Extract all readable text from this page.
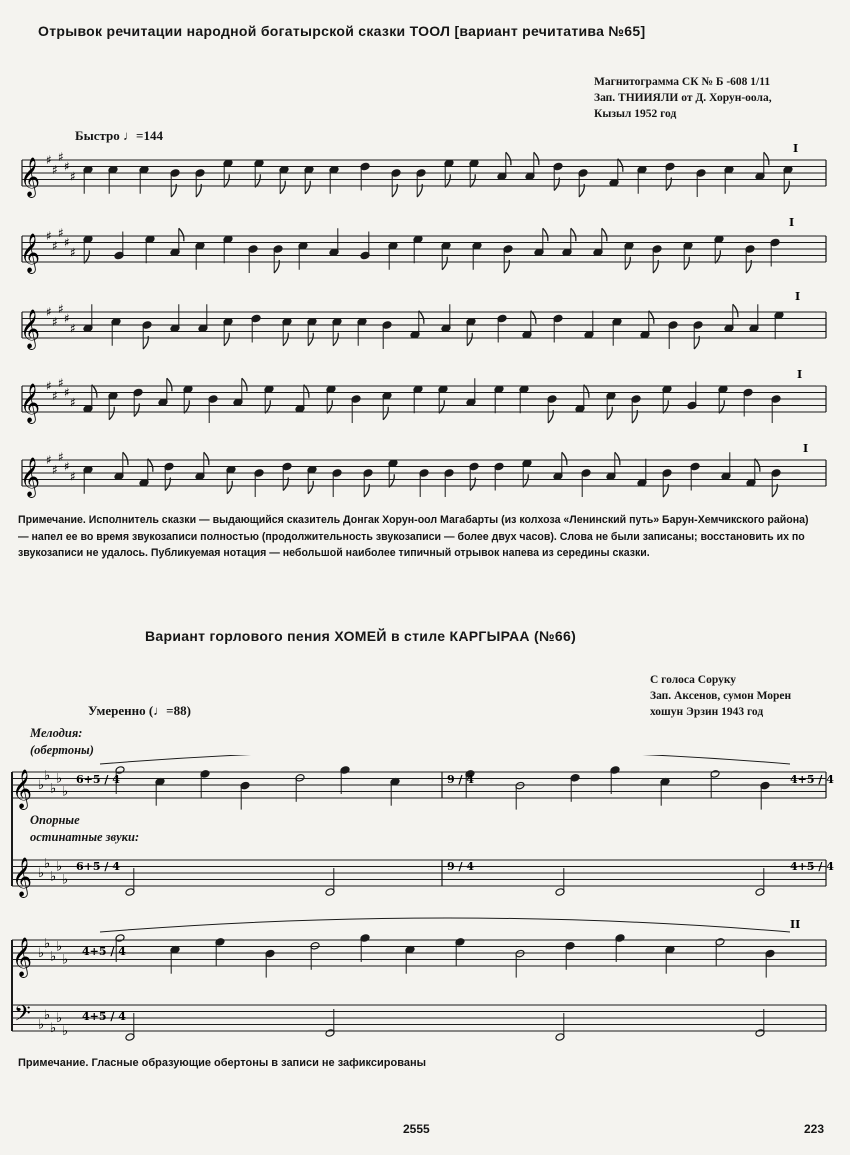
Отрывок речитации народной богатырской сказки ТООЛ [вариант речитатива №65]
Магнитограмма СК № Б -608 1/11
Зап. ТНИИЯЛИ от Д. Хорун-оола,
Кызыл 1952 год
Быстро ♩=144
𝄞 ♯
♯
♯
♯
♯
𝄞 ♯
♯
♯
♯
♯
𝄞 ♯
♯
♯
♯
♯
𝄞 ♯
♯
♯
♯
♯
𝄞 ♯
♯
♯
♯
♯
I
I
I
I
I
Примечание. Исполнитель сказки — выдающийся сказитель Донгак Хорун-оол Магабарты (из колхоза «Ленинский путь» Барун-Хемчикского района) — напел ее во время звукозаписи полностью (продолжительность звукозаписи — более двух часов). Слова не были записаны; восстановить их по звукозаписи не удалось. Публикуемая нотация — небольшой наиболее типичный отрывок напева из середины сказки.
Вариант горлового пения ХОМЕЙ в стиле КАРГЫРАА (№66)
С голоса Соруку
Зап. Аксенов, сумон Морен
хошун Эрзин 1943 год
Умеренно (♩=88)
Мелодия:
(обертоны)
Опорные
остинатные звуки:
𝄞 ♭
♭
♭
♭
♭
𝄞 ♭
♭
♭
♭
♭
𝄞 ♭
♭
♭
♭
♭
𝄢 ♭
♭
♭
♭
♭
6+5 / 4	9 / 4	4+5 / 4
6+5 / 4	9 / 4	4+5 / 4
4+5 / 4
4+5 / 4
II
Примечание. Гласные образующие обертоны в записи не зафиксированы
2555	223
